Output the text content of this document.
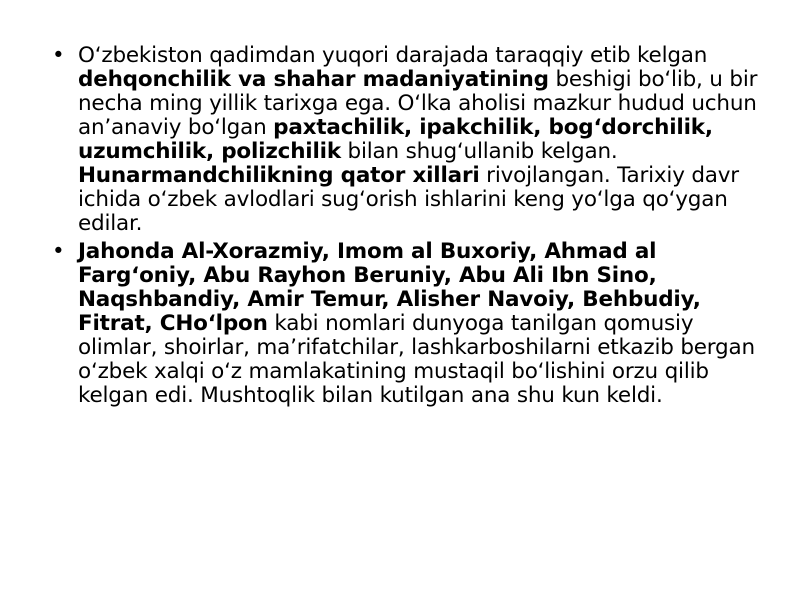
• O‘zbekiston qadimdan yuqori darajada taraqqiy etib kelgan dehqonchilik va shahar madaniyatining beshigi bo‘lib, u bir necha ming yillik tarixga ega. O‘lka aholisi mazkur hudud uchun an’anaviy bo‘lgan paxtachilik, ipakchilik, bog‘dorchilik, uzumchilik, polizchilik bilan shug‘ullanib kelgan. Hunarmandchilikning qator xillari rivojlangan. Tarixiy davr ichida o‘zbek avlodlari sug‘orish ishlarini keng yo‘lga qo‘ygan edilar.
• Jahonda Al-Xorazmiy, Imom al Buxoriy, Ahmad al Farg‘oniy, Abu Rayhon Beruniy, Abu Ali Ibn Sino, Naqshbandiy, Amir Temur, Alisher Navoiy, Behbudiy, Fitrat, CHo‘lpon kabi nomlari dunyoga tanilgan qomusiy olimlar, shoirlar, ma’rifatchilar, lashkarboshilarni etkazib bergan o‘zbek xalqi o‘z mamlakatining mustaqil bo‘lishini orzu qilib kelgan edi. Mushtoqlik bilan kutilgan ana shu kun keldi.
